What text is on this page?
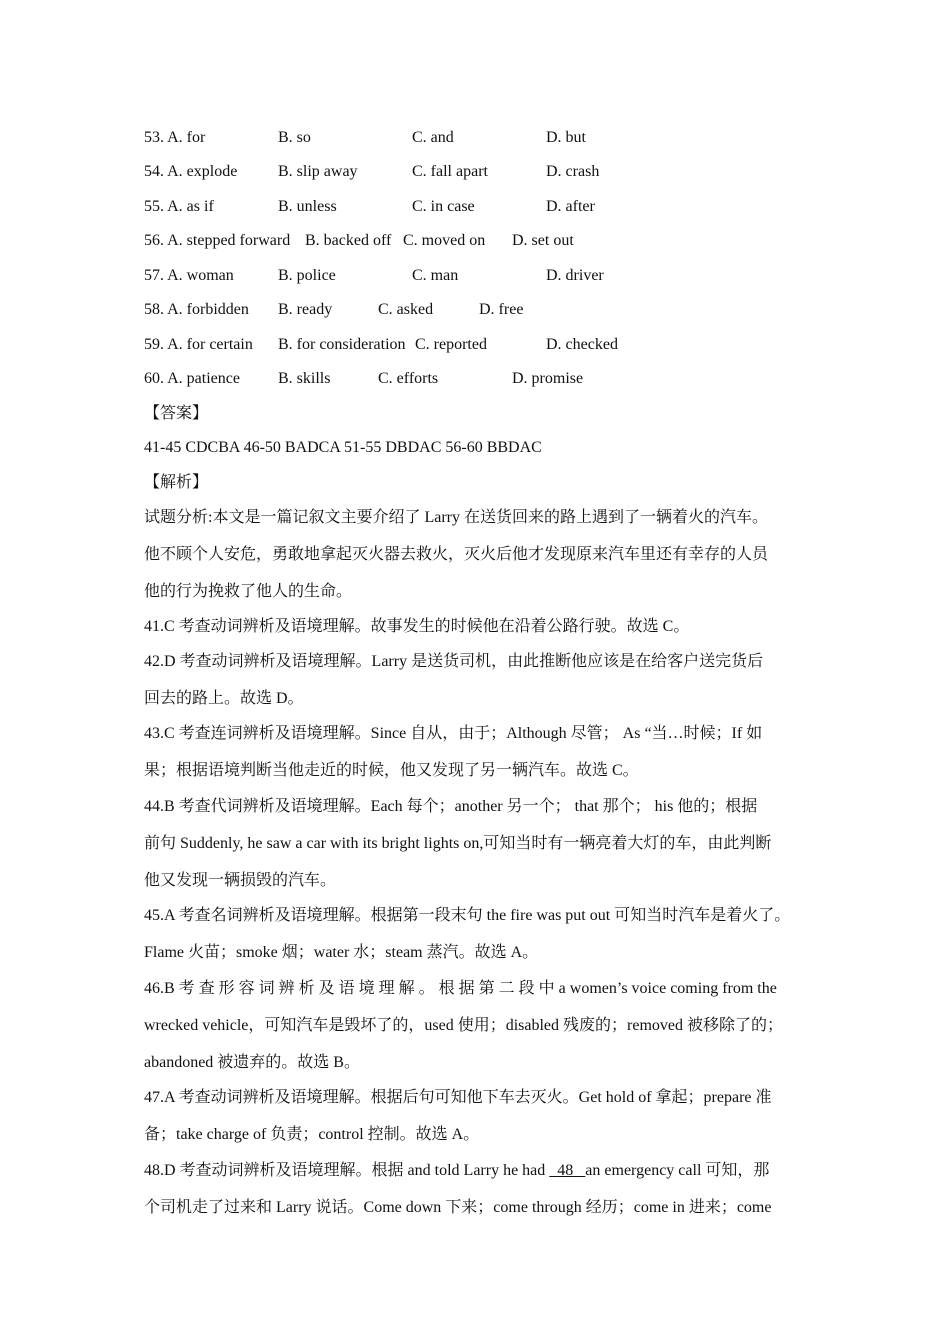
53. A. for	B. so	C. and	D. but
54. A. explode	B. slip away	C. fall apart	D. crash
55. A. as if	B. unless	C. in case	D. after
56. A. stepped forward B. backed off C. moved on D. set out
57. A. woman	B. police	C. man	D. driver
58. A. forbidden B. ready	C. asked	D. free
59. A. for certain B. for consideration C. reported	D. checked
60. A. patience B. skills	C. efforts	D. promise
【答案】
41-45 CDCBA 46-50 BADCA 51-55 DBDAC 56-60 BBDAC
【解析】
试题分析:本文是一篇记叙文主要介绍了 Larry 在送货回来的路上遇到了一辆着火的汽车。
他不顾个人安危，勇敢地拿起灭火器去救火，灭火后他才发现原来汽车里还有幸存的人员
他的行为挽救了他人的生命。
41.C 考查动词辨析及语境理解。故事发生的时候他在沿着公路行驶。故选 C。
42.D 考查动词辨析及语境理解。Larry 是送货司机，由此推断他应该是在给客户送完货后
回去的路上。故选 D。
43.C 考查连词辨析及语境理解。Since 自从，由于；Although 尽管； As “当…时候；If 如
果；根据语境判断当他走近的时候，他又发现了另一辆汽车。故选 C。
44.B 考查代词辨析及语境理解。Each 每个；another 另一个； that 那个； his 他的；根据
前句 Suddenly, he saw a car with its bright lights on,可知当时有一辆亮着大灯的车，由此判断
他又发现一辆损毁的汽车。
45.A 考查名词辨析及语境理解。根据第一段末句 the fire was put out 可知当时汽车是着火了。
Flame 火苗；smoke 烟；water 水；steam 蒸汽。故选 A。
46.B 考 查 形 容 词 辨 析 及 语 境 理 解 。 根 据 第 二 段 中 a women’s voice coming from the
wrecked vehicle，可知汽车是毁坏了的，used 使用；disabled 残废的；removed 被移除了的；
abandoned 被遗弃的。故选 B。
47.A 考查动词辨析及语境理解。根据后句可知他下车去灭火。Get hold of 拿起；prepare 准
备；take charge of 负责；control 控制。故选 A。
48.D 考查动词辨析及语境理解。根据 and told Larry he had 48 an emergency call 可知，那
个司机走了过来和 Larry 说话。Come down 下来；come through 经历；come in 进来；come
